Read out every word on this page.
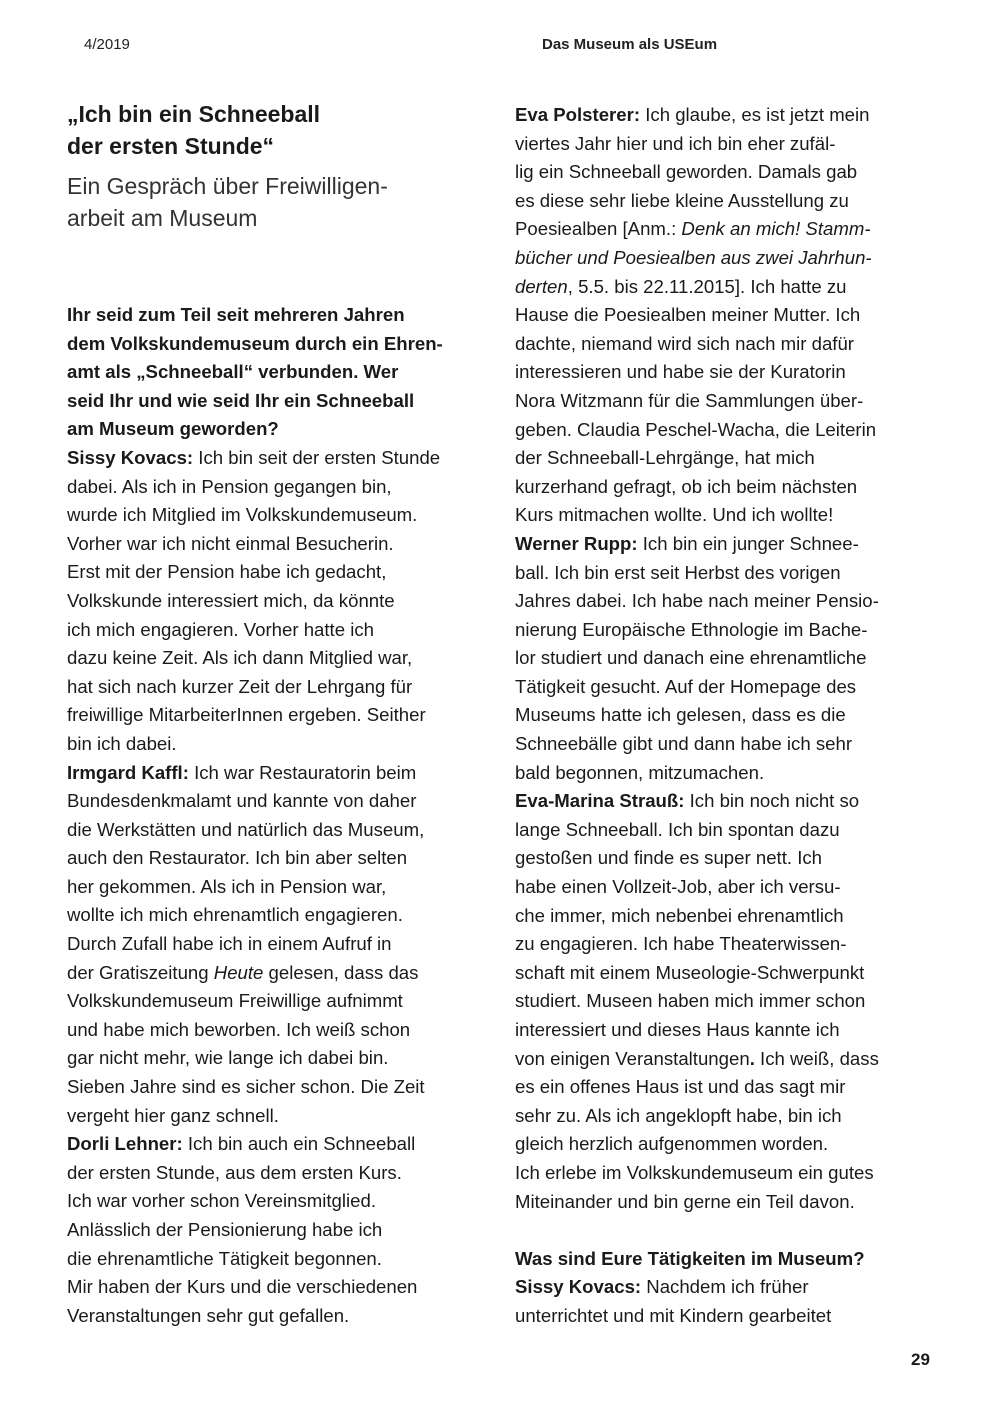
4/2019	Das Museum als USEum
„Ich bin ein Schneeball
der ersten Stunde“
Ein Gespräch über Freiwilligen-
arbeit am Museum
Ihr seid zum Teil seit mehreren Jahren
dem Volkskundemuseum durch ein Ehren-
amt als „Schneeball“ verbunden. Wer
seid Ihr und wie seid Ihr ein Schneeball
am Museum geworden?
Sissy Kovacs: Ich bin seit der ersten Stunde
dabei. Als ich in Pension gegangen bin,
wurde ich Mitglied im Volkskundemuseum.
Vorher war ich nicht einmal Besucherin.
Erst mit der Pension habe ich gedacht,
Volkskunde interessiert mich, da könnte
ich mich engagieren. Vorher hatte ich
dazu keine Zeit. Als ich dann Mitglied war,
hat sich nach kurzer Zeit der Lehrgang für
freiwillige MitarbeiterInnen ergeben. Seither
bin ich dabei.
Irmgard Kaffl: Ich war Restauratorin beim
Bundesdenkmalamt und kannte von daher
die Werkstätten und natürlich das Museum,
auch den Restaurator. Ich bin aber selten
her gekommen. Als ich in Pension war,
wollte ich mich ehrenamtlich engagieren.
Durch Zufall habe ich in einem Aufruf in
der Gratiszeitung Heute gelesen, dass das
Volkskundemuseum Freiwillige aufnimmt
und habe mich beworben. Ich weiß schon
gar nicht mehr, wie lange ich dabei bin.
Sieben Jahre sind es sicher schon. Die Zeit
vergeht hier ganz schnell.
Dorli Lehner: Ich bin auch ein Schneeball
der ersten Stunde, aus dem ersten Kurs.
Ich war vorher schon Vereinsmitglied.
Anlässlich der Pensionierung habe ich
die ehrenamtliche Tätigkeit begonnen.
Mir haben der Kurs und die verschiedenen
Veranstaltungen sehr gut gefallen.
Eva Polsterer: Ich glaube, es ist jetzt mein
viertes Jahr hier und ich bin eher zufäl-
lig ein Schneeball geworden. Damals gab
es diese sehr liebe kleine Ausstellung zu
Poesiealben [Anm.: Denk an mich! Stamm-
bücher und Poesiealben aus zwei Jahrhun-
derten, 5.5. bis 22.11.2015]. Ich hatte zu
Hause die Poesiealben meiner Mutter. Ich
dachte, niemand wird sich nach mir dafür
interessieren und habe sie der Kuratorin
Nora Witzmann für die Sammlungen über-
geben. Claudia Peschel-Wacha, die Leiterin
der Schneeball-Lehrgänge, hat mich
kurzerhand gefragt, ob ich beim nächsten
Kurs mitmachen wollte. Und ich wollte!
Werner Rupp: Ich bin ein junger Schnee-
ball. Ich bin erst seit Herbst des vorigen
Jahres dabei. Ich habe nach meiner Pensio-
nierung Europäische Ethnologie im Bache-
lor studiert und danach eine ehrenamtliche
Tätigkeit gesucht. Auf der Homepage des
Museums hatte ich gelesen, dass es die
Schneebälle gibt und dann habe ich sehr
bald begonnen, mitzumachen.
Eva-Marina Strauß: Ich bin noch nicht so
lange Schneeball. Ich bin spontan dazu
gestoßen und finde es super nett. Ich
habe einen Vollzeit-Job, aber ich versu-
che immer, mich nebenbei ehrenamtlich
zu engagieren. Ich habe Theaterwissen-
schaft mit einem Museologie-Schwerpunkt
studiert. Museen haben mich immer schon
interessiert und dieses Haus kannte ich
von einigen Veranstaltungen. Ich weiß, dass
es ein offenes Haus ist und das sagt mir
sehr zu. Als ich angeklopft habe, bin ich
gleich herzlich aufgenommen worden.
Ich erlebe im Volkskundemuseum ein gutes
Miteinander und bin gerne ein Teil davon.
Was sind Eure Tätigkeiten im Museum?
Sissy Kovacs: Nachdem ich früher
unterrichtet und mit Kindern gearbeitet
29
